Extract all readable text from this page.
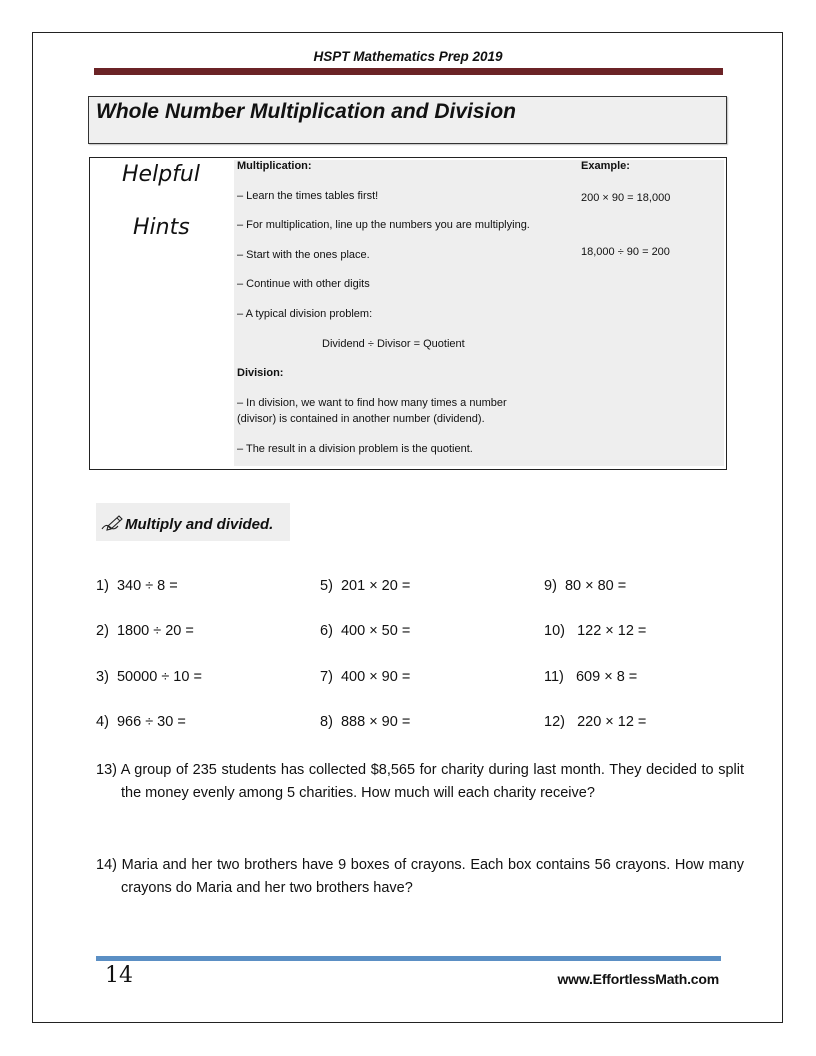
HSPT Mathematics Prep 2019
Whole Number Multiplication and Division
Helpful
Hints
Multiplication:
– Learn the times tables first!
– For multiplication, line up the numbers you are multiplying.
– Start with the ones place.
– Continue with other digits
– A typical division problem:
Dividend ÷ Divisor = Quotient
Division:
– In division, we want to find how many times a number
(divisor) is contained in another number (dividend).
– The result in a division problem is the quotient.
Example:
200 × 90 = 18,000
18,000 ÷ 90 = 200
Multiply and divided.
1) 340 ÷ 8 =
2) 1800 ÷ 20 =
3) 50000 ÷ 10 =
4) 966 ÷ 30 =
5) 201 × 20 =
6) 400 × 50 =
7) 400 × 90 =
8) 888 × 90 =
9) 80 × 80 =
10) 122 × 12 =
11) 609 × 8 =
12) 220 × 12 =
13) A group of 235 students has collected $8,565 for charity during last month. They decided to split the money evenly among 5 charities. How much will each charity receive?
14) Maria and her two brothers have 9 boxes of crayons. Each box contains 56 crayons. How many crayons do Maria and her two brothers have?
14	www.EffortlessMath.com
